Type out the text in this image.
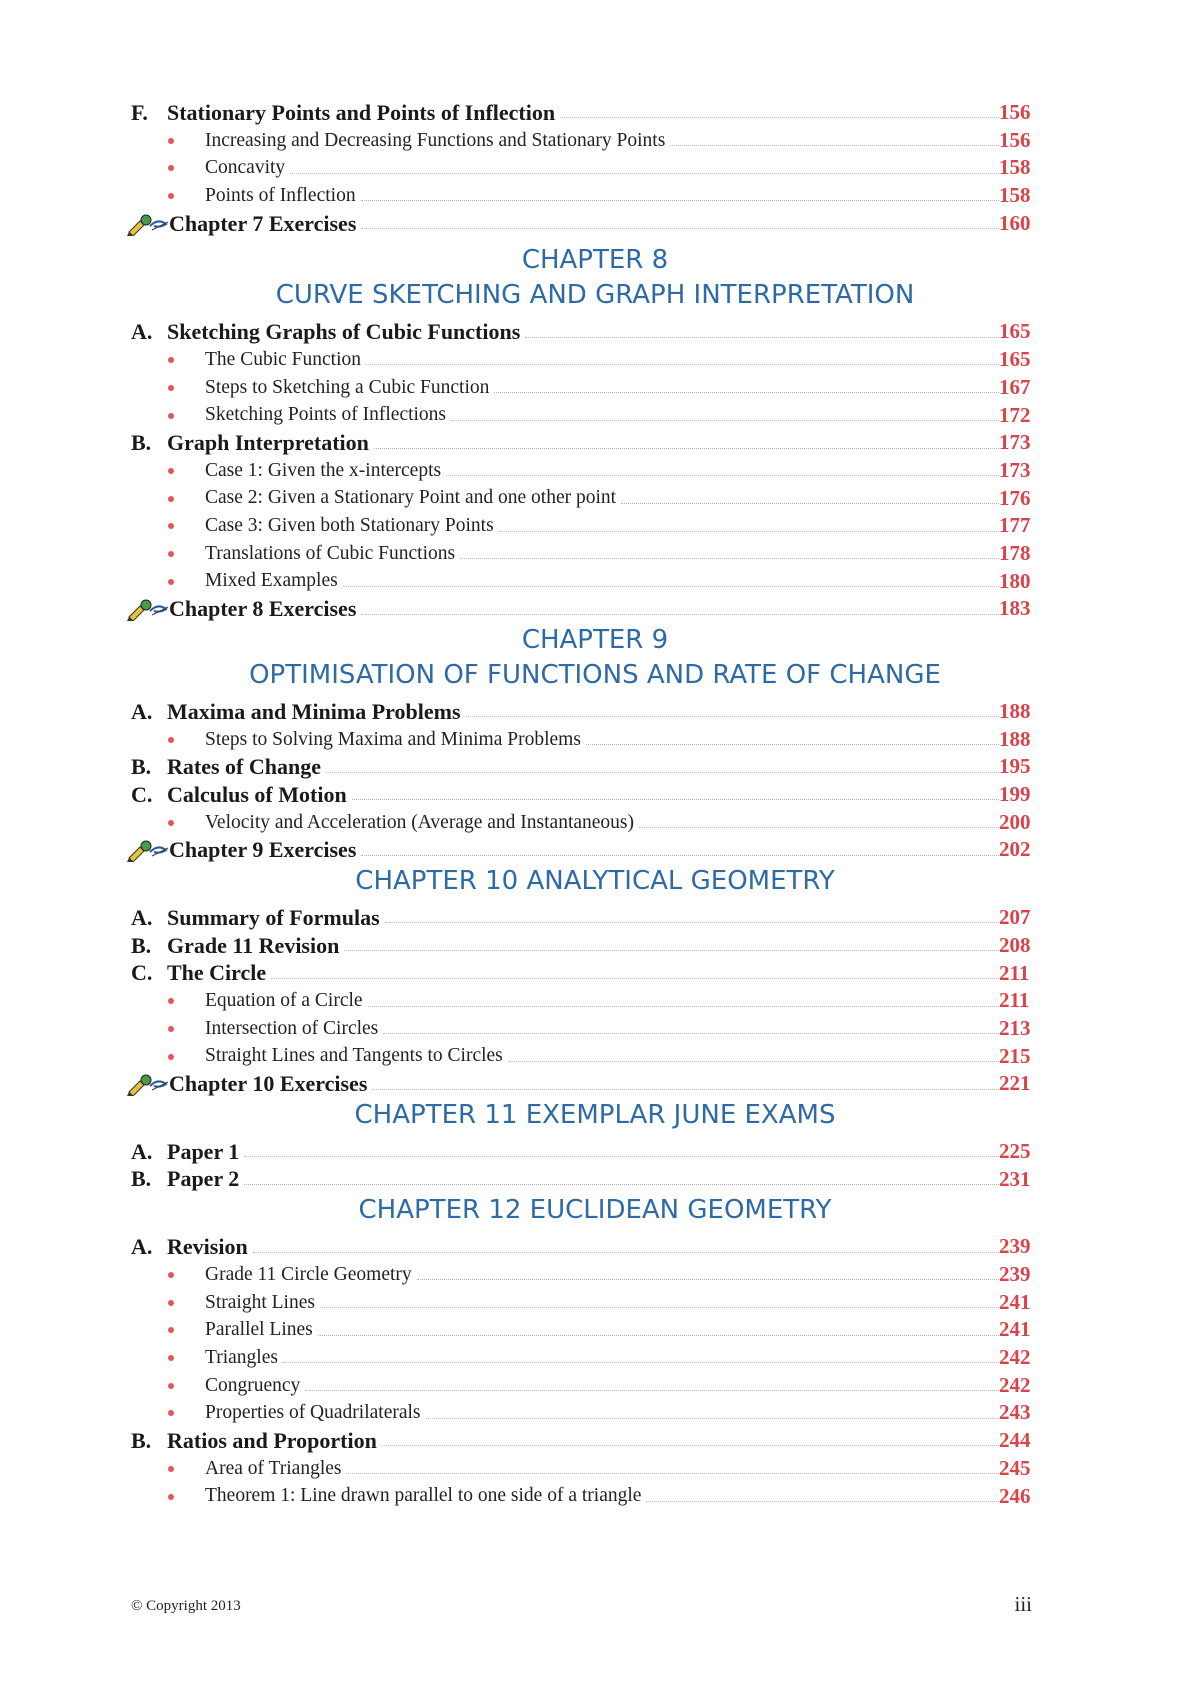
F. Stationary Points and Points of Inflection	156
Increasing and Decreasing Functions and Stationary Points	156
Concavity	158
Points of Inflection	158
Chapter 7 Exercises	160
CHAPTER 8
CURVE SKETCHING AND GRAPH INTERPRETATION
A. Sketching Graphs of Cubic Functions	165
The Cubic Function	165
Steps to Sketching a Cubic Function	167
Sketching Points of Inflections	172
B. Graph Interpretation	173
Case 1: Given the x-intercepts	173
Case 2: Given a Stationary Point and one other point	176
Case 3: Given both Stationary Points	177
Translations of Cubic Functions	178
Mixed Examples	180
Chapter 8 Exercises	183
CHAPTER 9
OPTIMISATION OF FUNCTIONS AND RATE OF CHANGE
A. Maxima and Minima Problems	188
Steps to Solving Maxima and Minima Problems	188
B. Rates of Change	195
C. Calculus of Motion	199
Velocity and Acceleration (Average and Instantaneous)	200
Chapter 9 Exercises	202
CHAPTER 10 ANALYTICAL GEOMETRY
A. Summary of Formulas	207
B. Grade 11 Revision	208
C. The Circle	211
Equation of a Circle	211
Intersection of Circles	213
Straight Lines and Tangents to Circles	215
Chapter 10 Exercises	221
CHAPTER 11 EXEMPLAR JUNE EXAMS
A. Paper 1	225
B. Paper 2	231
CHAPTER 12 EUCLIDEAN GEOMETRY
A. Revision	239
Grade 11 Circle Geometry	239
Straight Lines	241
Parallel Lines	241
Triangles	242
Congruency	242
Properties of Quadrilaterals	243
B. Ratios and Proportion	244
Area of Triangles	245
Theorem 1: Line drawn parallel to one side of a triangle	246
© Copyright 2013	iii
